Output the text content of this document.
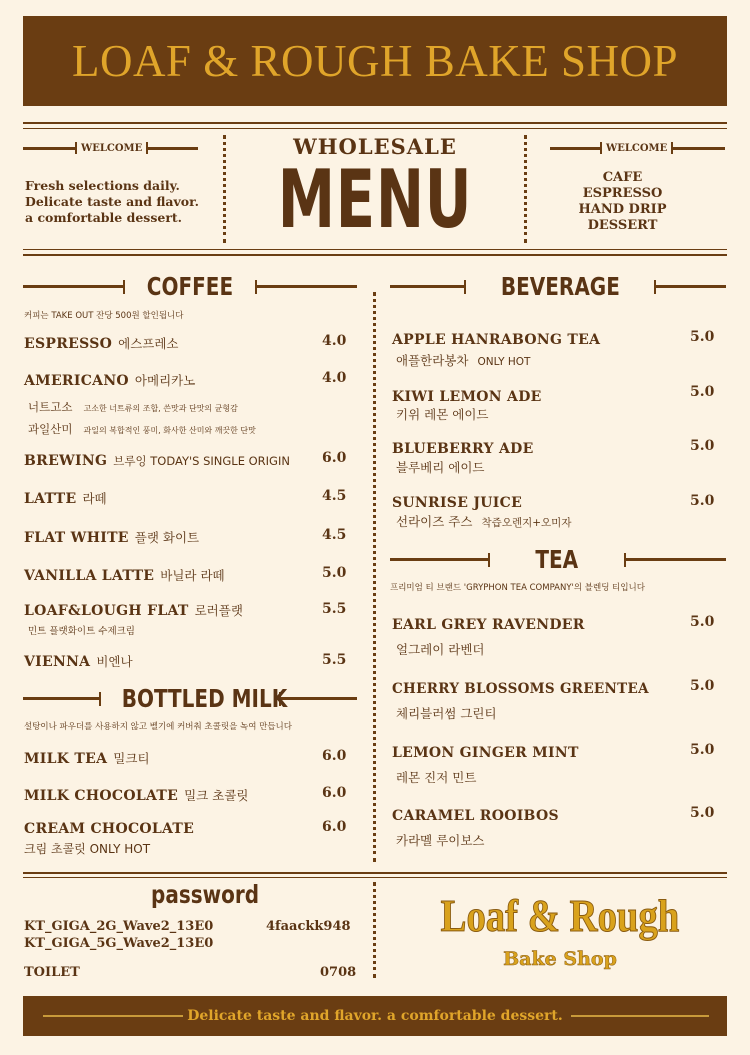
LOAF & ROUGH BAKE SHOP
WELCOME
Fresh selections daily.
Delicate taste and flavor.
a comfortable dessert.
WHOLESALE
MENU
WELCOME
CAFE
ESPRESSO
HAND DRIP
DESSERT
COFFEE
커피는 TAKE OUT 잔당 500원 할인됩니다
ESPRESSO 에스프레소	4.0
AMERICANO 아메리카노	4.0
너트고소 고소한 너트류의 조합, 쓴맛과 단맛의 균형감
과일산미 과일의 복합적인 풍미, 화사한 산미와 깨끗한 단맛
BREWING 브루잉 TODAY'S SINGLE ORIGIN 6.0
LATTE 라떼	4.5
FLAT WHITE 플랫 화이트	4.5
VANILLA LATTE 바닐라 라떼	5.0
LOAF&LOUGH FLAT 로러플랫	5.5
민트 플랫화이트 수제크림
VIENNA 비엔나	5.5
BOTTLED MILK
설탕이나 파우더를 사용하지 않고 벨기에 커버춰 초콜릿을 녹여 만듭니다
MILK TEA 밀크티	6.0
MILK CHOCOLATE 밀크 초콜릿	6.0
CREAM CHOCOLATE
크림 초콜릿 ONLY HOT
6.0
BEVERAGE
APPLE HANRABONG TEA
애플한라봉차 ONLY HOT
5.0
KIWI LEMON ADE
키위 레몬 에이드
5.0
BLUEBERRY ADE
블루베리 에이드
5.0
SUNRISE JUICE
선라이즈 주스 착즙오렌지+오미자
5.0
TEA
프리미엄 티 브랜드 'GRYPHON TEA COMPANY'의 블렌딩 티입니다
EARL GREY RAVENDER
얼그레이 라벤더
5.0
CHERRY BLOSSOMS GREENTEA
체리블러썸 그린티
5.0
LEMON GINGER MINT
레몬 진저 민트
5.0
CARAMEL ROOIBOS
카라멜 루이보스
5.0
password
KT_GIGA_2G_Wave2_13E0
KT_GIGA_5G_Wave2_13E0
4faackk948
TOILET	0708
Loaf & Rough
Bake Shop
Delicate taste and flavor. a comfortable dessert.
